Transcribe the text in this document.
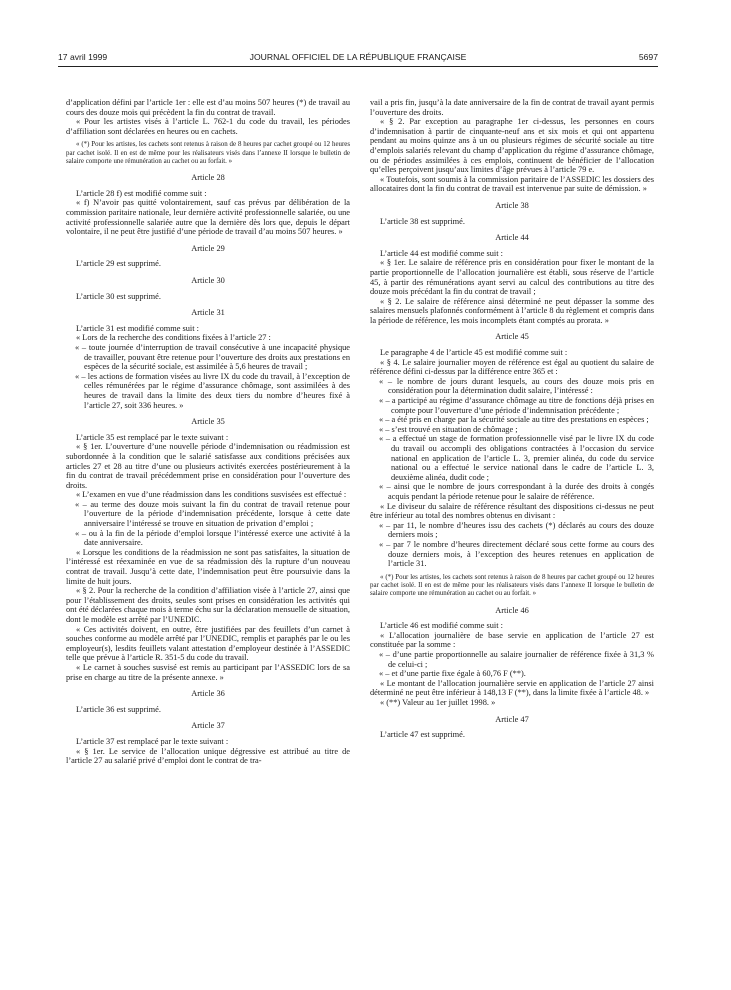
17 avril 1999	JOURNAL OFFICIEL DE LA RÉPUBLIQUE FRANÇAISE	5697

d’application défini par l’article 1er : elle est d’au moins 507 heures (*) de travail au cours des douze mois qui précèdent la fin du contrat de travail.

« Pour les artistes visés à l’article L. 762-1 du code du travail, les périodes d’affiliation sont déclarées en heures ou en cachets.

« (*) Pour les artistes, les cachets sont retenus à raison de 8 heures par cachet groupé ou 12 heures par cachet isolé. Il en est de même pour les réalisateurs visés dans l’annexe II lorsque le bulletin de salaire comporte une rémunération au cachet ou au forfait. »

Article 28

L’article 28 f) est modifié comme suit :

« f) N’avoir pas quitté volontairement, sauf cas prévus par délibération de la commission paritaire nationale, leur dernière activité professionnelle salariée, ou une activité professionnelle salariée autre que la dernière dès lors que, depuis le départ volontaire, il ne peut être justifié d’une période de travail d’au moins 507 heures. »

Article 29

L’article 29 est supprimé.

Article 30

L’article 30 est supprimé.

Article 31

L’article 31 est modifié comme suit :

« Lors de la recherche des conditions fixées à l’article 27 :

« – toute journée d’interruption de travail consécutive à une incapacité physique de travailler, pouvant être retenue pour l’ouverture des droits aux prestations en espèces de la sécurité sociale, est assimilée à 5,6 heures de travail ;

« – les actions de formation visées au livre IX du code du travail, à l’exception de celles rémunérées par le régime d’assurance chômage, sont assimilées à des heures de travail dans la limite des deux tiers du nombre d’heures fixé à l’article 27, soit 336 heures. »

Article 35

L’article 35 est remplacé par le texte suivant :

« § 1er. L’ouverture d’une nouvelle période d’indemnisation ou réadmission est subordonnée à la condition que le salarié satisfasse aux conditions précisées aux articles 27 et 28 au titre d’une ou plusieurs activités exercées postérieurement à la fin du contrat de travail précédemment prise en considération pour l’ouverture des droits.

« L’examen en vue d’une réadmission dans les conditions susvisées est effectué :

« – au terme des douze mois suivant la fin du contrat de travail retenue pour l’ouverture de la période d’indemnisation précédente, lorsque à cette date anniversaire l’intéressé se trouve en situation de privation d’emploi ;

« – ou à la fin de la période d’emploi lorsque l’intéressé exerce une activité à la date anniversaire.

« Lorsque les conditions de la réadmission ne sont pas satisfaites, la situation de l’intéressé est réexaminée en vue de sa réadmission dès la rupture d’un nouveau contrat de travail. Jusqu’à cette date, l’indemnisation peut être poursuivie dans la limite de huit jours.

« § 2. Pour la recherche de la condition d’affiliation visée à l’article 27, ainsi que pour l’établissement des droits, seules sont prises en considération les activités qui ont été déclarées chaque mois à terme échu sur la déclaration mensuelle de situation, dont le modèle est arrêté par l’UNEDIC.

« Ces activités doivent, en outre, être justifiées par des feuillets d’un carnet à souches conforme au modèle arrêté par l’UNEDIC, remplis et paraphés par le ou les employeur(s), lesdits feuillets valant attestation d’employeur destinée à l’ASSEDIC telle que prévue à l’article R. 351-5 du code du travail.

« Le carnet à souches susvisé est remis au participant par l’ASSEDIC lors de sa prise en charge au titre de la présente annexe. »

Article 36

L’article 36 est supprimé.

Article 37

L’article 37 est remplacé par le texte suivant :

« § 1er. Le service de l’allocation unique dégressive est attribué au titre de l’article 27 au salarié privé d’emploi dont le contrat de tra-

vail a pris fin, jusqu’à la date anniversaire de la fin de contrat de travail ayant permis l’ouverture des droits.

« § 2. Par exception au paragraphe 1er ci-dessus, les personnes en cours d’indemnisation à partir de cinquante-neuf ans et six mois et qui ont appartenu pendant au moins quinze ans à un ou plusieurs régimes de sécurité sociale au titre d’emplois salariés relevant du champ d’application du régime d’assurance chômage, ou de périodes assimilées à ces emplois, continuent de bénéficier de l’allocation qu’elles perçoivent jusqu’aux limites d’âge prévues à l’article 79 e.

« Toutefois, sont soumis à la commission paritaire de l’ASSEDIC les dossiers des allocataires dont la fin du contrat de travail est intervenue par suite de démission. »

Article 38

L’article 38 est supprimé.

Article 44

L’article 44 est modifié comme suit :

« § 1er. Le salaire de référence pris en considération pour fixer le montant de la partie proportionnelle de l’allocation journalière est établi, sous réserve de l’article 45, à partir des rémunérations ayant servi au calcul des contributions au titre des douze mois précédant la fin du contrat de travail ;

« § 2. Le salaire de référence ainsi déterminé ne peut dépasser la somme des salaires mensuels plafonnés conformément à l’article 8 du règlement et compris dans la période de référence, les mois incomplets étant comptés au prorata. »

Article 45

Le paragraphe 4 de l’article 45 est modifié comme suit :

« § 4. Le salaire journalier moyen de référence est égal au quotient du salaire de référence défini ci-dessus par la différence entre 365 et :

« – le nombre de jours durant lesquels, au cours des douze mois pris en considération pour la détermination dudit salaire, l’intéressé :

« – a participé au régime d’assurance chômage au titre de fonctions déjà prises en compte pour l’ouverture d’une période d’indemnisation précédente ;

« – a été pris en charge par la sécurité sociale au titre des prestations en espèces ;

« – s’est trouvé en situation de chômage ;

« – a effectué un stage de formation professionnelle visé par le livre IX du code du travail ou accompli des obligations contractées à l’occasion du service national en application de l’article L. 3, premier alinéa, du code du service national ou a effectué le service national dans le cadre de l’article L. 3, deuxième alinéa, dudit code ;

« – ainsi que le nombre de jours correspondant à la durée des droits à congés acquis pendant la période retenue pour le salaire de référence.

« Le diviseur du salaire de référence résultant des dispositions ci-dessus ne peut être inférieur au total des nombres obtenus en divisant :

« – par 11, le nombre d’heures issu des cachets (*) déclarés au cours des douze derniers mois ;

« – par 7 le nombre d’heures directement déclaré sous cette forme au cours des douze derniers mois, à l’exception des heures retenues en application de l’article 31.

« (*) Pour les artistes, les cachets sont retenus à raison de 8 heures par cachet groupé ou 12 heures par cachet isolé. Il en est de même pour les réalisateurs visés dans l’annexe II lorsque le bulletin de salaire comporte une rémunération au cachet ou au forfait. »

Article 46

L’article 46 est modifié comme suit :

« L’allocation journalière de base servie en application de l’article 27 est constituée par la somme :

« – d’une partie proportionnelle au salaire journalier de référence fixée à 31,3 % de celui-ci ;

« – et d’une partie fixe égale à 60,76 F (**).

« Le montant de l’allocation journalière servie en application de l’article 27 ainsi déterminé ne peut être inférieur à 148,13 F (**), dans la limite fixée à l’article 48. »

« (**) Valeur au 1er juillet 1998. »

Article 47

L’article 47 est supprimé.
